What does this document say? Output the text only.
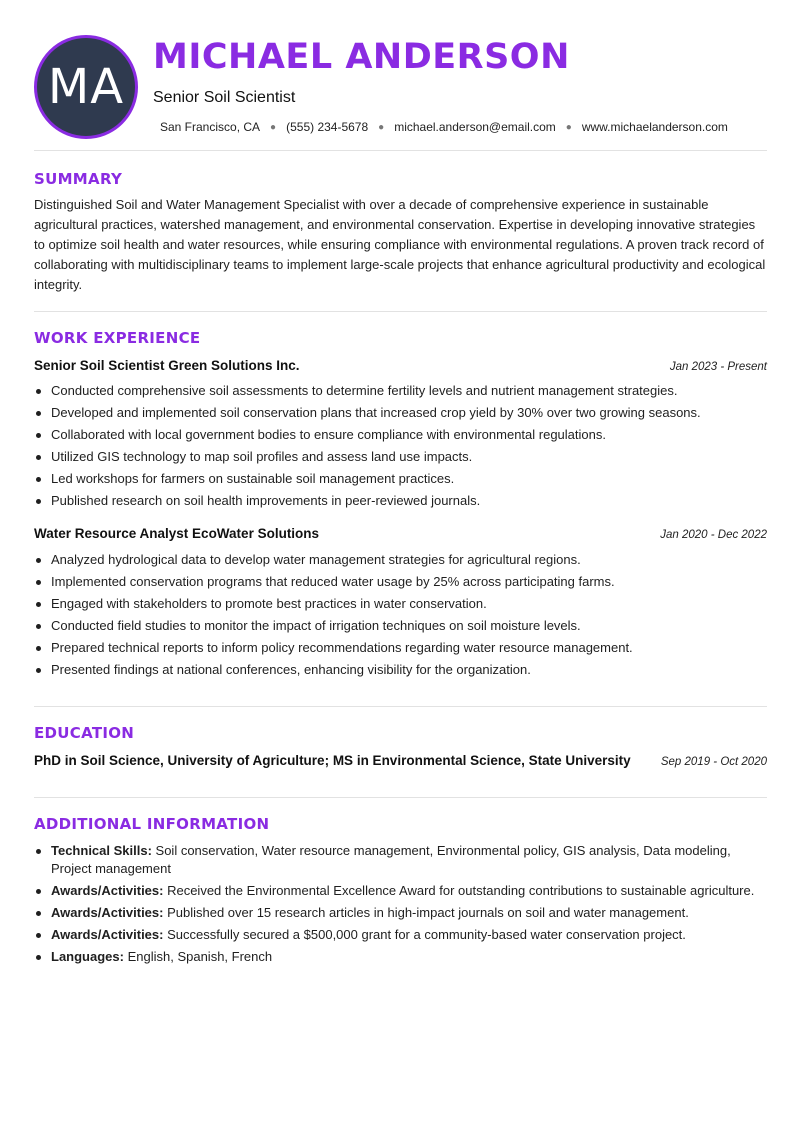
MA
MICHAEL ANDERSON
Senior Soil Scientist
San Francisco, CA ● (555) 234-5678 ● michael.anderson@email.com ● www.michaelanderson.com
SUMMARY
Distinguished Soil and Water Management Specialist with over a decade of comprehensive experience in sustainable agricultural practices, watershed management, and environmental conservation. Expertise in developing innovative strategies to optimize soil health and water resources, while ensuring compliance with environmental regulations. A proven track record of collaborating with multidisciplinary teams to implement large-scale projects that enhance agricultural productivity and ecological integrity.
WORK EXPERIENCE
Senior Soil Scientist Green Solutions Inc.	Jan 2023 - Present
Conducted comprehensive soil assessments to determine fertility levels and nutrient management strategies.
Developed and implemented soil conservation plans that increased crop yield by 30% over two growing seasons.
Collaborated with local government bodies to ensure compliance with environmental regulations.
Utilized GIS technology to map soil profiles and assess land use impacts.
Led workshops for farmers on sustainable soil management practices.
Published research on soil health improvements in peer-reviewed journals.
Water Resource Analyst EcoWater Solutions	Jan 2020 - Dec 2022
Analyzed hydrological data to develop water management strategies for agricultural regions.
Implemented conservation programs that reduced water usage by 25% across participating farms.
Engaged with stakeholders to promote best practices in water conservation.
Conducted field studies to monitor the impact of irrigation techniques on soil moisture levels.
Prepared technical reports to inform policy recommendations regarding water resource management.
Presented findings at national conferences, enhancing visibility for the organization.
EDUCATION
PhD in Soil Science, University of Agriculture; MS in Environmental Science, State University	Sep 2019 - Oct 2020
ADDITIONAL INFORMATION
Technical Skills: Soil conservation, Water resource management, Environmental policy, GIS analysis, Data modeling, Project management
Awards/Activities: Received the Environmental Excellence Award for outstanding contributions to sustainable agriculture.
Awards/Activities: Published over 15 research articles in high-impact journals on soil and water management.
Awards/Activities: Successfully secured a $500,000 grant for a community-based water conservation project.
Languages: English, Spanish, French
